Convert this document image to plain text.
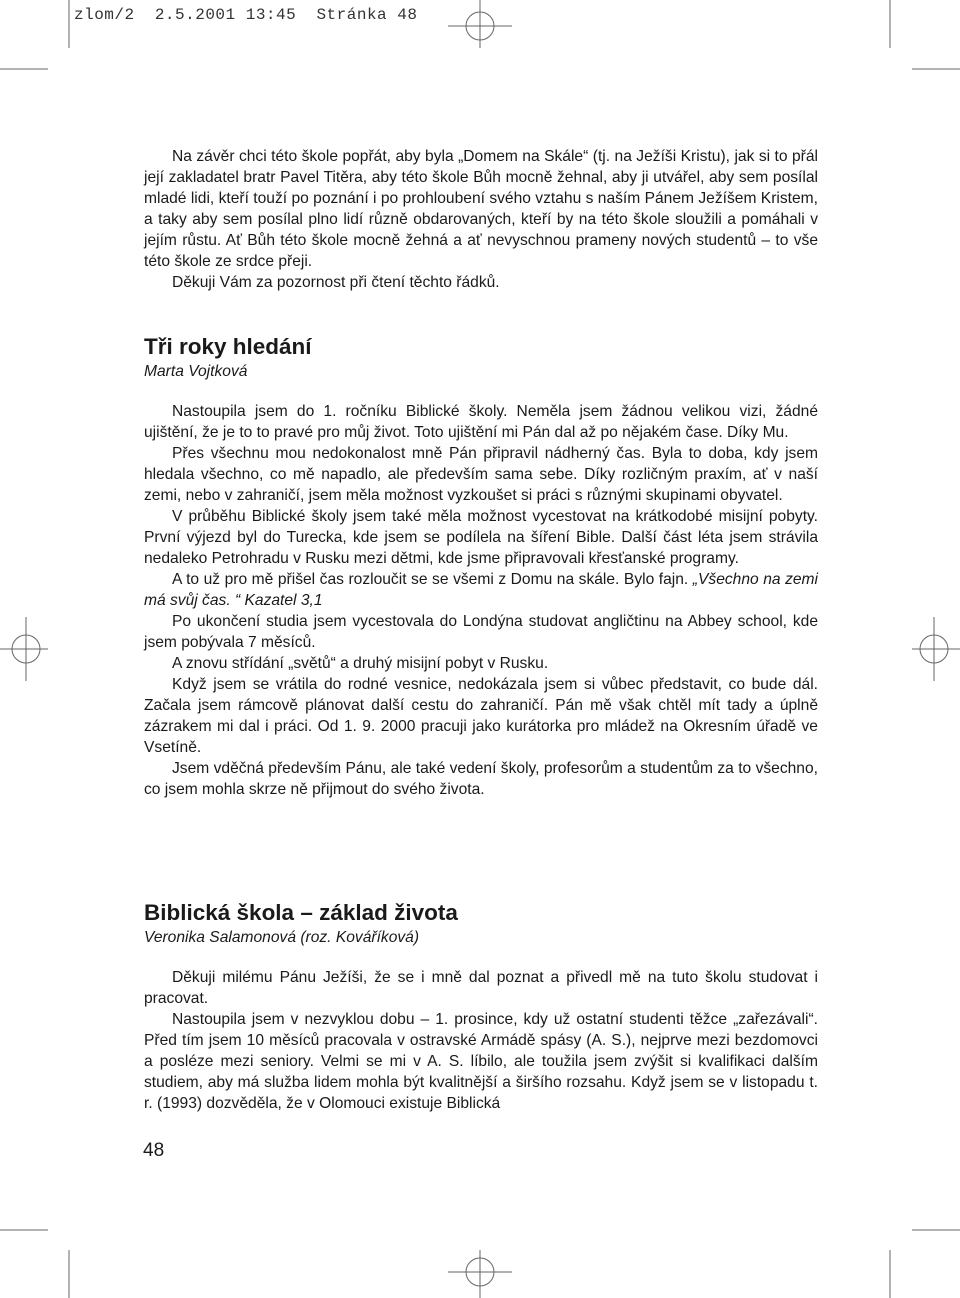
zlom/2  2.5.2001 13:45  Stránka 48

Na závěr chci této škole popřát, aby byla „Domem na Skále“ (tj. na Ježíši Kristu), jak si to přál její zakladatel bratr Pavel Titěra, aby této škole Bůh mocně žehnal, aby ji utvářel, aby sem posílal mladé lidi, kteří touží po poznání i po prohloubení svého vztahu s naším Pánem Ježíšem Kristem, a taky aby sem posílal plno lidí různě obdarovaných, kteří by na této škole sloužili a pomáhali v jejím růstu. Ať Bůh této škole mocně žehná a ať nevyschnou prameny nových studentů – to vše této škole ze srdce přeji.

Děkuji Vám za pozornost při čtení těchto řádků.

Tři roky hledání

Marta Vojtková

Nastoupila jsem do 1. ročníku Biblické školy. Neměla jsem žádnou velikou vizi, žádné ujištění, že je to to pravé pro můj život. Toto ujištění mi Pán dal až po nějakém čase. Díky Mu.

Přes všechnu mou nedokonalost mně Pán připravil nádherný čas. Byla to doba, kdy jsem hledala všechno, co mě napadlo, ale především sama sebe. Díky rozličným praxím, ať v naší zemi, nebo v zahraničí, jsem měla možnost vyzkoušet si práci s různými skupinami obyvatel.

V průběhu Biblické školy jsem také měla možnost vycestovat na krátkodobé misijní pobyty. První výjezd byl do Turecka, kde jsem se podílela na šíření Bible. Další část léta jsem strávila nedaleko Petrohradu v Rusku mezi dětmi, kde jsme připravovali křesťanské programy.

A to už pro mě přišel čas rozloučit se se všemi z Domu na skále. Bylo fajn. „Všechno na zemi má svůj čas. “ Kazatel 3,1

Po ukončení studia jsem vycestovala do Londýna studovat angličtinu na Abbey school, kde jsem pobývala 7 měsíců.

A znovu střídání „světů“ a druhý misijní pobyt v Rusku.

Když jsem se vrátila do rodné vesnice, nedokázala jsem si vůbec představit, co bude dál. Začala jsem rámcově plánovat další cestu do zahraničí. Pán mě však chtěl mít tady a úplně zázrakem mi dal i práci. Od 1. 9. 2000 pracuji jako kurátorka pro mládež na Okresním úřadě ve Vsetíně.

Jsem vděčná především Pánu, ale také vedení školy, profesorům a studentům za to všechno, co jsem mohla skrze ně přijmout do svého života.

Biblická škola – základ života

Veronika Salamonová (roz. Kováříková)

Děkuji milému Pánu Ježíši, že se i mně dal poznat a přivedl mě na tuto školu studovat i pracovat.

Nastoupila jsem v nezvyklou dobu – 1. prosince, kdy už ostatní studenti těžce „zařezávali“. Před tím jsem 10 měsíců pracovala v ostravské Armádě spásy (A. S.), nejprve mezi bezdomovci a posléze mezi seniory. Velmi se mi v A. S. líbilo, ale toužila jsem zvýšit si kvalifikaci dalším studiem, aby má služba lidem mohla být kvalitnější a širšího rozsahu. Když jsem se v listopadu t. r. (1993) dozvěděla, že v Olomouci existuje Biblická

48
